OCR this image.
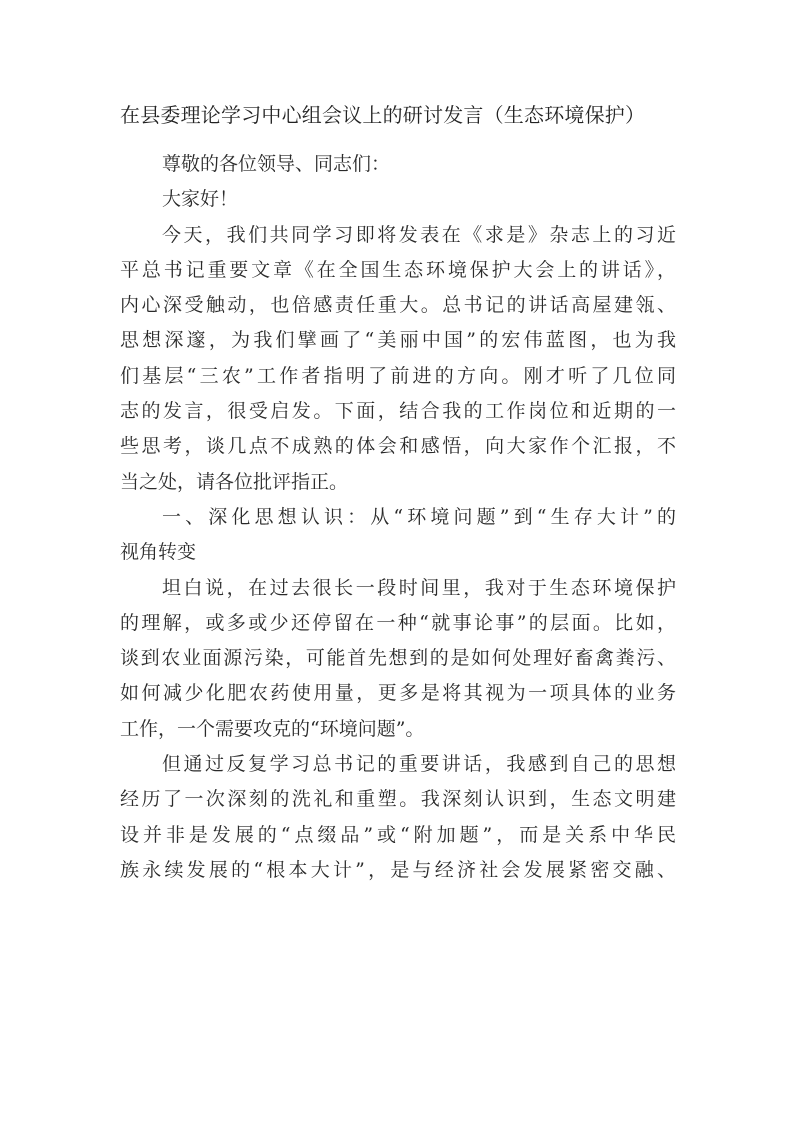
在县委理论学习中心组会议上的研讨发言（生态环境保护）
尊敬的各位领导、同志们：
大家好！
今天，我们共同学习即将发表在《求是》杂志上的习近
平总书记重要文章《在全国生态环境保护大会上的讲话》，
内心深受触动，也倍感责任重大。总书记的讲话高屋建瓴、
思想深邃，为我们擘画了“美丽中国”的宏伟蓝图，也为我
们基层“三农”工作者指明了前进的方向。刚才听了几位同
志的发言，很受启发。下面，结合我的工作岗位和近期的一
些思考，谈几点不成熟的体会和感悟，向大家作个汇报，不
当之处，请各位批评指正。
一、深化思想认识：从“环境问题”到“生存大计”的
视角转变
坦白说，在过去很长一段时间里，我对于生态环境保护
的理解，或多或少还停留在一种“就事论事”的层面。比如，
谈到农业面源污染，可能首先想到的是如何处理好畜禽粪污、
如何减少化肥农药使用量，更多是将其视为一项具体的业务
工作，一个需要攻克的“环境问题”。
但通过反复学习总书记的重要讲话，我感到自己的思想
经历了一次深刻的洗礼和重塑。我深刻认识到，生态文明建
设并非是发展的“点缀品”或“附加题”，而是关系中华民
族永续发展的“根本大计”，是与经济社会发展紧密交融、
